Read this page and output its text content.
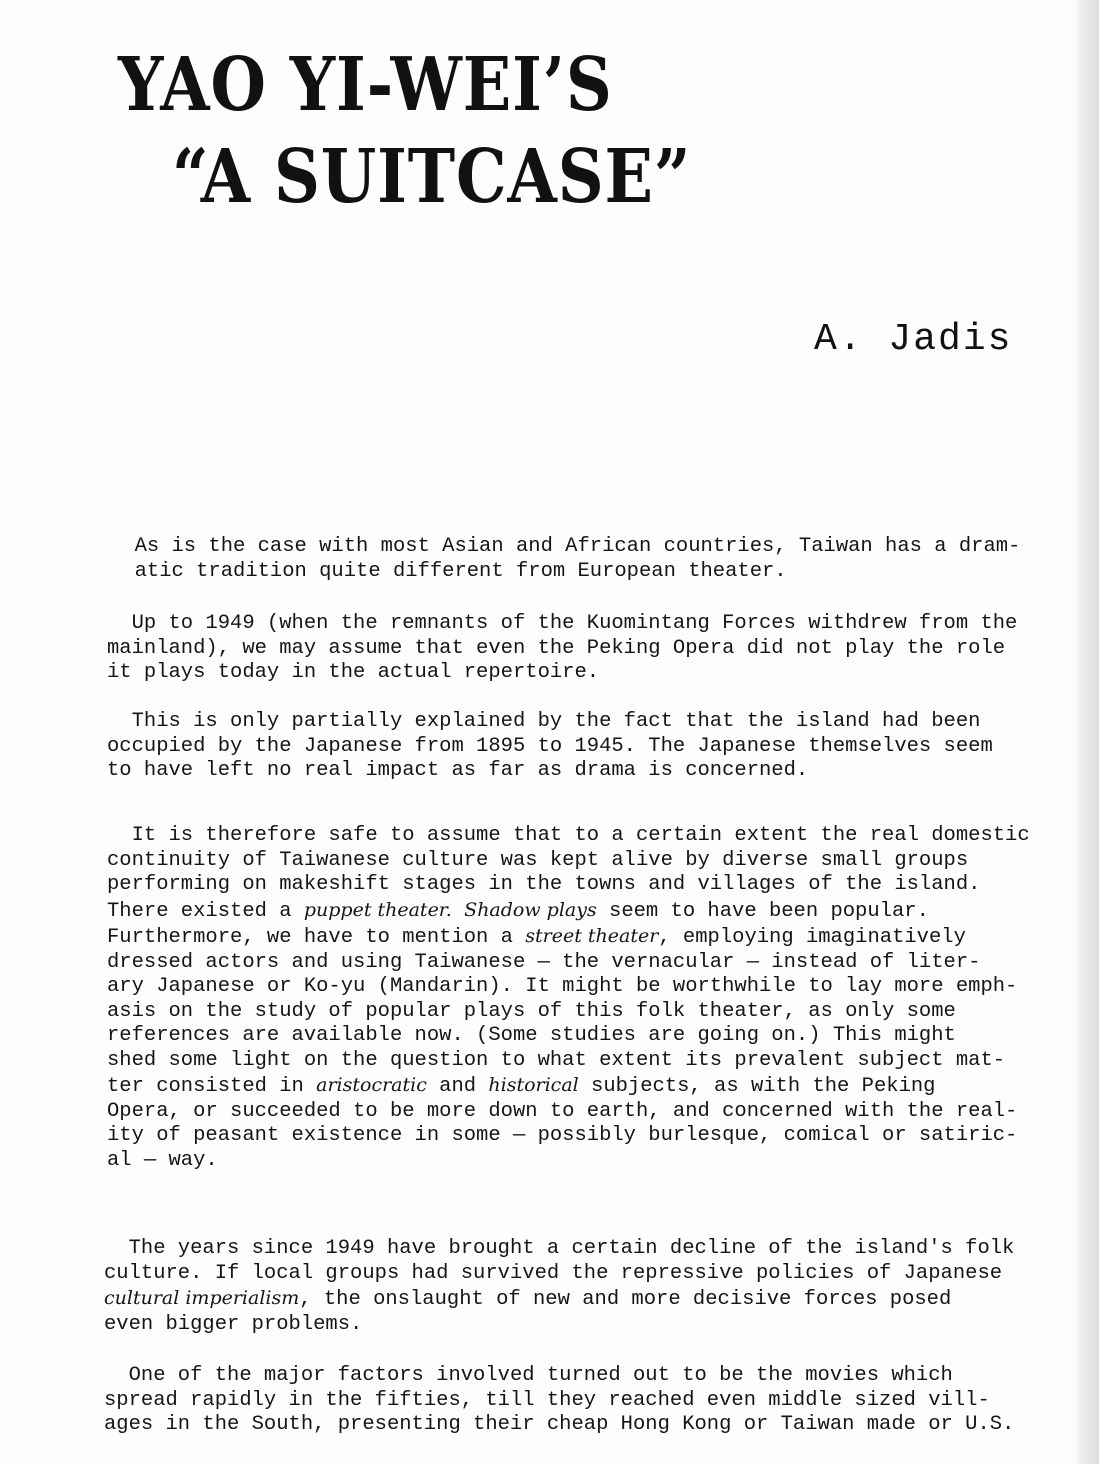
YAO YI-WEI’S
“A SUITCASE”
A. Jadis

As is the case with most Asian and African countries, Taiwan has a dram-
atic tradition quite different from European theater.

Up to 1949 (when the remnants of the Kuomintang Forces withdrew from the
mainland), we may assume that even the Peking Opera did not play the role
it plays today in the actual repertoire.

This is only partially explained by the fact that the island had been
occupied by the Japanese from 1895 to 1945. The Japanese themselves seem
to have left no real impact as far as drama is concerned.

It is therefore safe to assume that to a certain extent the real domestic
continuity of Taiwanese culture was kept alive by diverse small groups
performing on makeshift stages in the towns and villages of the island.
There existed a puppet theater. Shadow plays seem to have been popular.
Furthermore, we have to mention a street theater, employing imaginatively
dressed actors and using Taiwanese — the vernacular — instead of liter-
ary Japanese or Ko-yu (Mandarin). It might be worthwhile to lay more emph-
asis on the study of popular plays of this folk theater, as only some
references are available now. (Some studies are going on.) This might
shed some light on the question to what extent its prevalent subject mat-
ter consisted in aristocratic and historical subjects, as with the Peking
Opera, or succeeded to be more down to earth, and concerned with the real-
ity of peasant existence in some — possibly burlesque, comical or satiric-
al — way.

The years since 1949 have brought a certain decline of the island's folk
culture. If local groups had survived the repressive policies of Japanese
cultural imperialism, the onslaught of new and more decisive forces posed
even bigger problems.

One of the major factors involved turned out to be the movies which
spread rapidly in the fifties, till they reached even middle sized vill-
ages in the South, presenting their cheap Hong Kong or Taiwan made or U.S.
